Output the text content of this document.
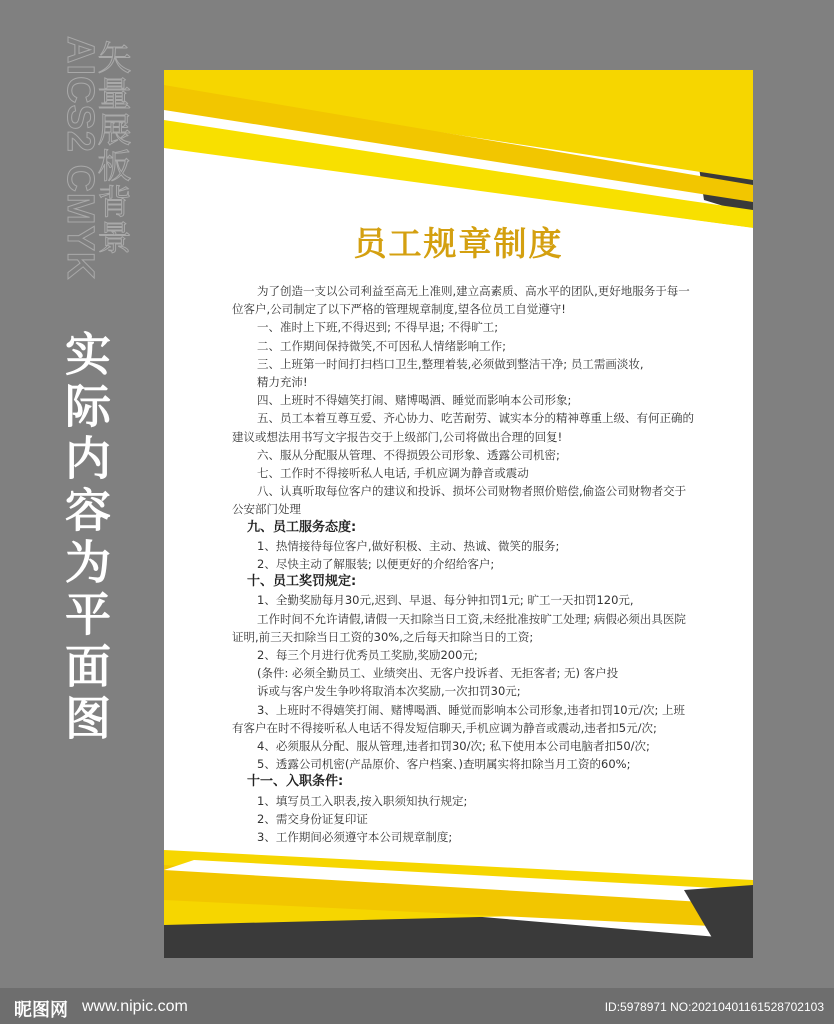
AICS2 CMYK
矢量展板背景
实际内容为平面图
员工规章制度
为了创造一支以公司利益至高无上准则,建立高素质、高水平的团队,更好地服务于每一
位客户,公司制定了以下严格的管理规章制度,望各位员工自觉遵守!
一、准时上下班,不得迟到; 不得早退; 不得旷工;
二、工作期间保持微笑,不可因私人情绪影响工作;
三、上班第一时间打扫档口卫生,整理着装,必须做到整洁干净; 员工需画淡妆,
精力充沛!
四、上班时不得嬉笑打闹、赌博喝酒、睡觉而影响本公司形象;
五、员工本着互尊互爱、齐心协力、吃苦耐劳、诚实本分的精神尊重上级、有何正确的
建议或想法用书写文字报告交于上级部门,公司将做出合理的回复!
六、服从分配服从管理、不得损毁公司形象、透露公司机密;
七、工作时不得接听私人电话, 手机应调为静音或震动
八、认真听取每位客户的建议和投诉、损坏公司财物者照价赔偿,偷盗公司财物者交于
公安部门处理
九、员工服务态度:
1、热情接待每位客户,做好积极、主动、热诚、微笑的服务;
2、尽快主动了解服装; 以便更好的介绍给客户;
十、员工奖罚规定:
1、全勤奖励每月30元,迟到、早退、每分钟扣罚1元; 旷工一天扣罚120元,
工作时间不允许请假,请假一天扣除当日工资,未经批准按旷工处理; 病假必须出具医院
证明,前三天扣除当日工资的30%,之后每天扣除当日的工资;
2、每三个月进行优秀员工奖励,奖励200元;
(条件: 必须全勤员工、业绩突出、无客户投诉者、无拒客者; 无) 客户投
诉或与客户发生争吵将取消本次奖励,一次扣罚30元;
3、上班时不得嬉笑打闹、赌博喝酒、睡觉而影响本公司形象,违者扣罚10元/次; 上班
有客户在时不得接听私人电话不得发短信聊天,手机应调为静音或震动,违者扣5元/次;
4、必须服从分配、服从管理,违者扣罚30/次; 私下使用本公司电脑者扣50/次;
5、透露公司机密(产品原价、客户档案、)查明属实将扣除当月工资的60%;
十一、入职条件:
1、填写员工入职表,按入职须知执行规定;
2、需交身份证复印证
3、工作期间必须遵守本公司规章制度;
昵图网 www.nipic.com	ID:5978971 NO:20210401161528702103
